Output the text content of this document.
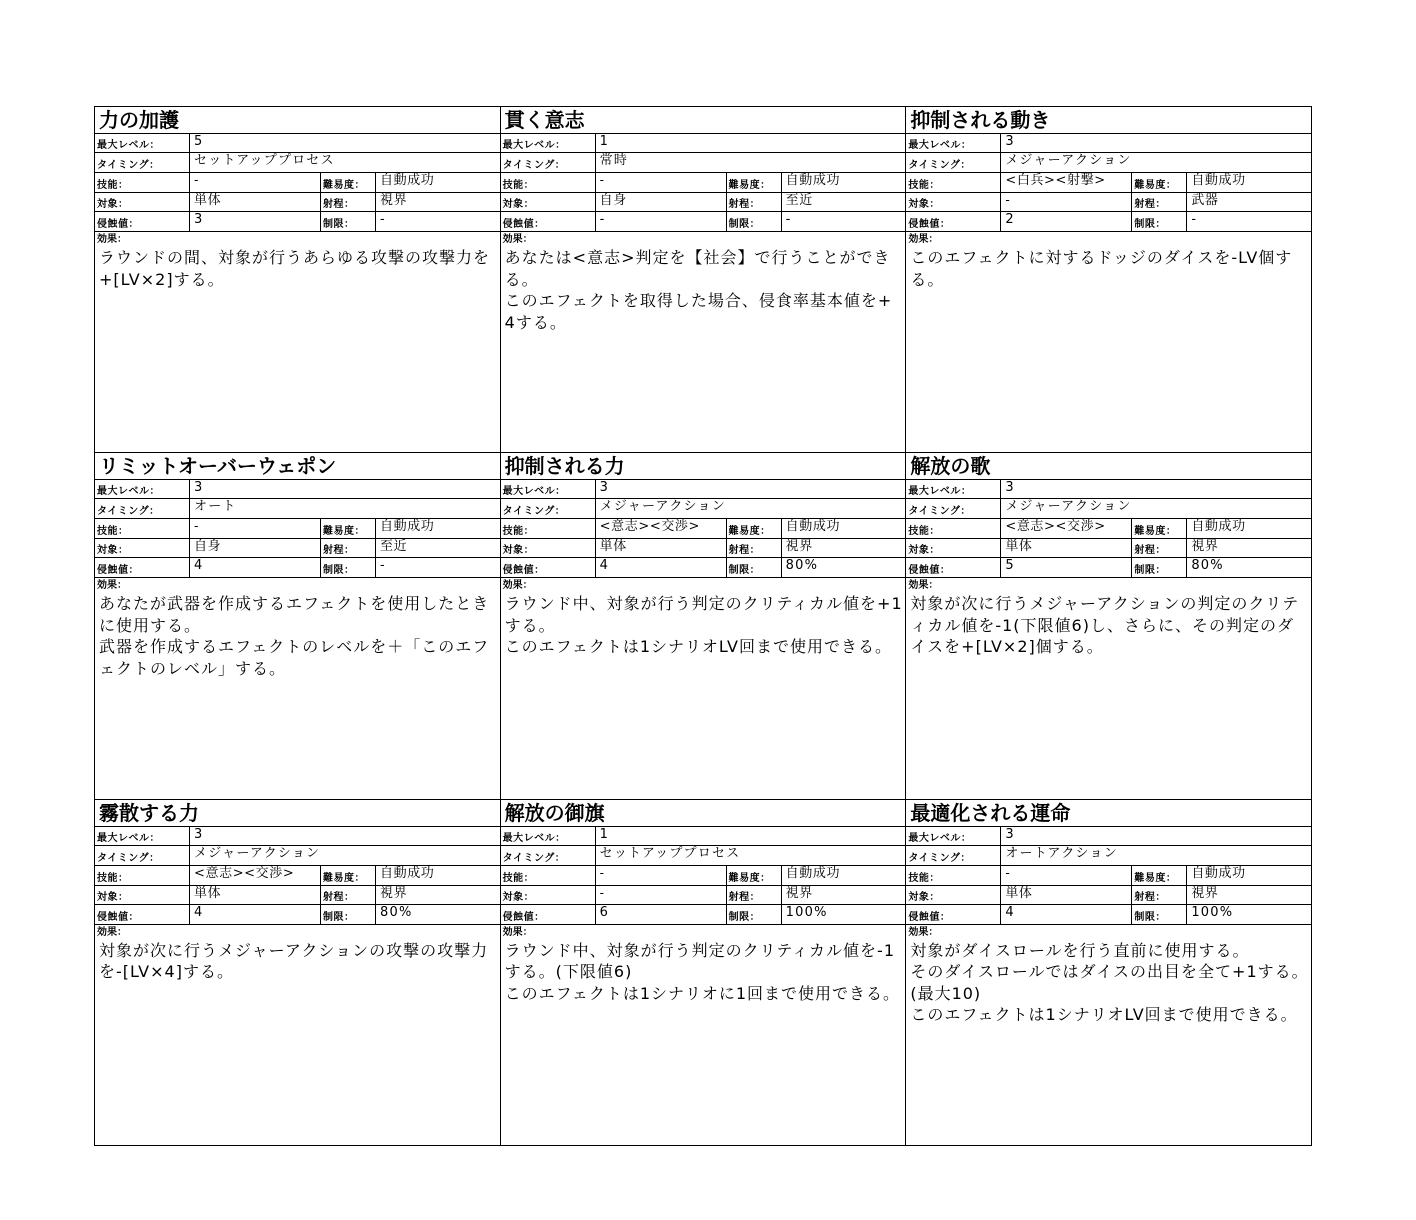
力の加護
最大レベル：	5
タイミング：	セットアッププロセス
技能：	-	難易度：	自動成功
対象：	単体	射程：	視界
侵蝕値：	3	制限：	-
効果：
ラウンドの間、対象が行うあらゆる攻撃の攻撃力を+[LV×2]する。
貫く意志
最大レベル：	1
タイミング：	常時
技能：	-	難易度：	自動成功
対象：	自身	射程：	至近
侵蝕値：	-	制限：	-
効果：
あなたは<意志>判定を【社会】で行うことができる。
このエフェクトを取得した場合、侵食率基本値を+4する。
抑制される動き
最大レベル：	3
タイミング：	メジャーアクション
技能：	<白兵><射撃>	難易度：	自動成功
対象：	-	射程：	武器
侵蝕値：	2	制限：	-
効果：
このエフェクトに対するドッジのダイスを-LV個する。
リミットオーバーウェポン
最大レベル：	3
タイミング：	オート
技能：	-	難易度：	自動成功
対象：	自身	射程：	至近
侵蝕値：	4	制限：	-
効果：
あなたが武器を作成するエフェクトを使用したときに使用する。
武器を作成するエフェクトのレベルを＋「このエフェクトのレベル」する。
抑制される力
最大レベル：	3
タイミング：	メジャーアクション
技能：	<意志><交渉>	難易度：	自動成功
対象：	単体	射程：	視界
侵蝕値：	4	制限：	80%
効果：
ラウンド中、対象が行う判定のクリティカル値を+1する。
このエフェクトは1シナリオLV回まで使用できる。
解放の歌
最大レベル：	3
タイミング：	メジャーアクション
技能：	<意志><交渉>	難易度：	自動成功
対象：	単体	射程：	視界
侵蝕値：	5	制限：	80%
効果：
対象が次に行うメジャーアクションの判定のクリティカル値を-1(下限値6)し、さらに、その判定のダイスを+[LV×2]個する。
霧散する力
最大レベル：	3
タイミング：	メジャーアクション
技能：	<意志><交渉>	難易度：	自動成功
対象：	単体	射程：	視界
侵蝕値：	4	制限：	80%
効果：
対象が次に行うメジャーアクションの攻撃の攻撃力を-[LV×4]する。
解放の御旗
最大レベル：	1
タイミング：	セットアッププロセス
技能：	-	難易度：	自動成功
対象：	-	射程：	視界
侵蝕値：	6	制限：	100%
効果：
ラウンド中、対象が行う判定のクリティカル値を-1する。(下限値6)
このエフェクトは1シナリオに1回まで使用できる。
最適化される運命
最大レベル：	3
タイミング：	オートアクション
技能：	-	難易度：	自動成功
対象：	単体	射程：	視界
侵蝕値：	4	制限：	100%
効果：
対象がダイスロールを行う直前に使用する。
そのダイスロールではダイスの出目を全て+1する。(最大10)
このエフェクトは1シナリオLV回まで使用できる。
